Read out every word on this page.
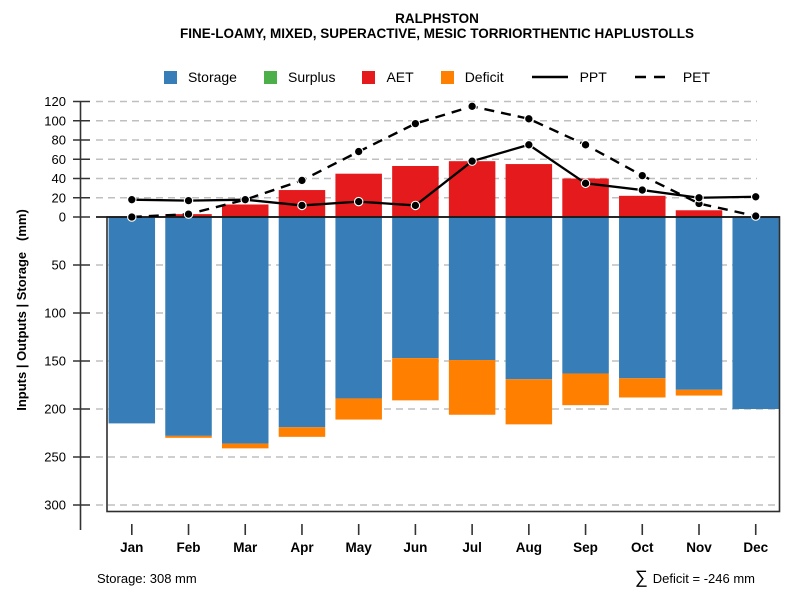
RALPHSTON
FINE-LOAMY, MIXED, SUPERACTIVE, MESIC TORRIORTHENTIC HAPLUSTOLLS
Storage	Surplus	AET	Deficit	PPT	PET
Inputs | Outputs | Storage   (mm) 0
20
40
60
80
100
120
50
100
150
200
250
300
Jan Feb Mar Apr May Jun	Jul	Aug Sep Oct Nov Dec
Storage: 308 mm	∑ Deficit = -246 mm
